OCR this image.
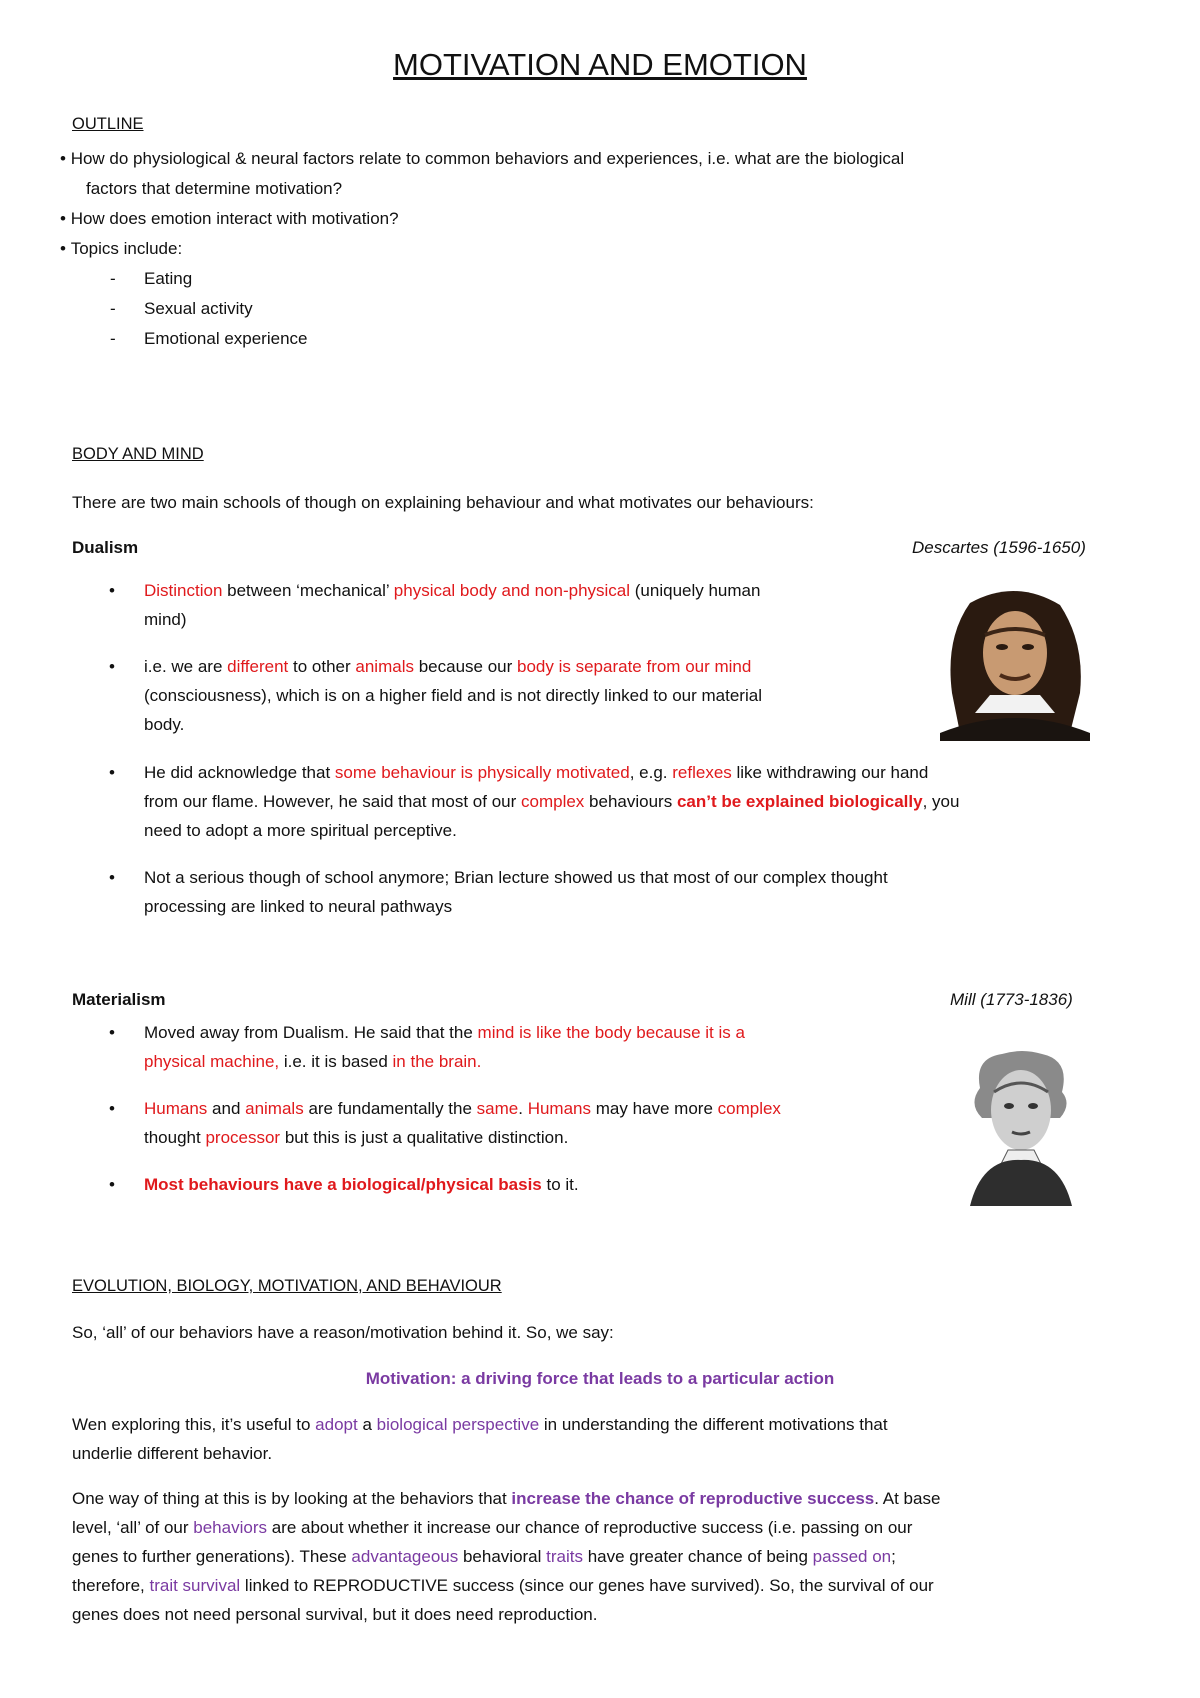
MOTIVATION AND EMOTION
OUTLINE
• How do physiological & neural factors relate to common behaviors and experiences, i.e. what are the biological
factors that determine motivation?
• How does emotion interact with motivation?
• Topics include:
- Eating
- Sexual activity
- Emotional experience
BODY AND MIND
There are two main schools of though on explaining behaviour and what motivates our behaviours:
Dualism	Descartes (1596-1650)

• Distinction between ‘mechanical’ physical body and non-physical (uniquely human
mind)

• i.e. we are different to other animals because our body is separate from our mind
(consciousness), which is on a higher field and is not directly linked to our material
body.

• He did acknowledge that some behaviour is physically motivated, e.g. reflexes like withdrawing our hand
from our flame. However, he said that most of our complex behaviours can’t be explained biologically, you
need to adopt a more spiritual perceptive.

• Not a serious though of school anymore; Brian lecture showed us that most of our complex thought
processing are linked to neural pathways

Materialism	Mill (1773-1836)

• Moved away from Dualism. He said that the mind is like the body because it is a
physical machine, i.e. it is based in the brain.

• Humans and animals are fundamentally the same. Humans may have more complex
thought processor but this is just a qualitative distinction.

• Most behaviours have a biological/physical basis to it.

EVOLUTION, BIOLOGY, MOTIVATION, AND BEHAVIOUR
So, ‘all’ of our behaviors have a reason/motivation behind it. So, we say:
Motivation: a driving force that leads to a particular action
Wen exploring this, it’s useful to adopt a biological perspective in understanding the different motivations that
underlie different behavior.
One way of thing at this is by looking at the behaviors that increase the chance of reproductive success. At base
level, ‘all’ of our behaviors are about whether it increase our chance of reproductive success (i.e. passing on our
genes to further generations). These advantageous behavioral traits have greater chance of being passed on;
therefore, trait survival linked to REPRODUCTIVE success (since our genes have survived). So, the survival of our
genes does not need personal survival, but it does need reproduction.
